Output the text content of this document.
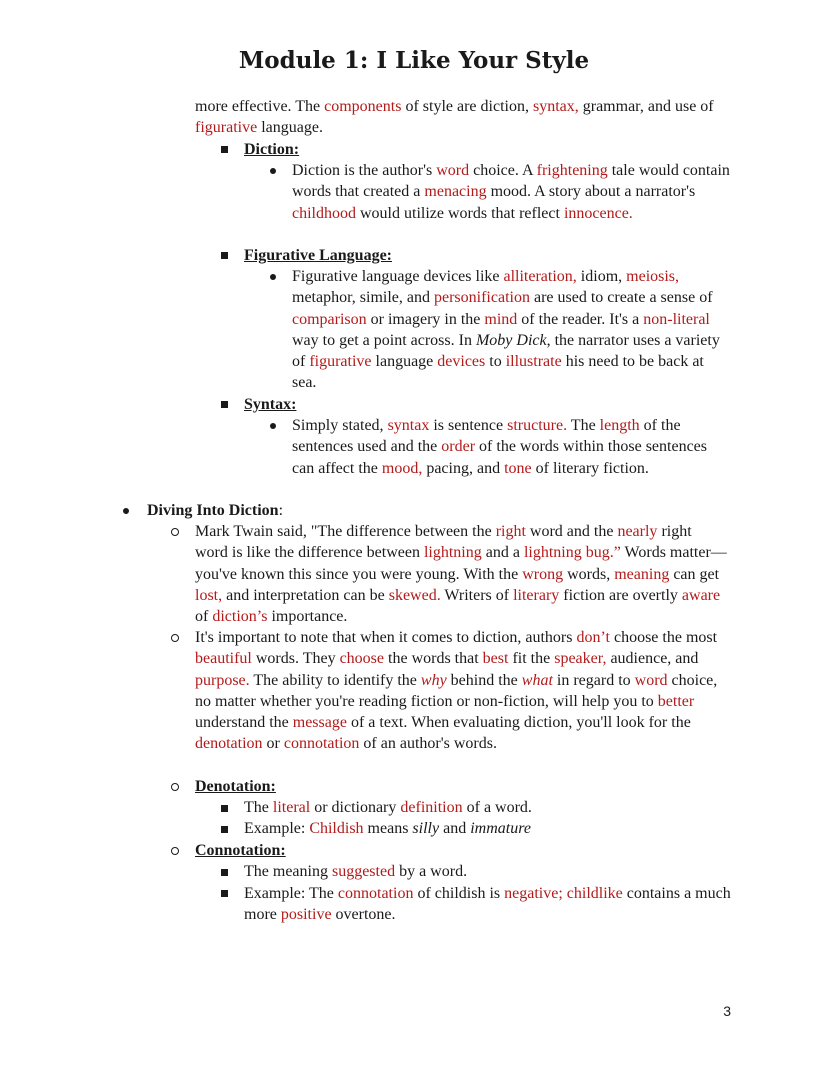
Module 1: I Like Your Style

more effective. The components of style are diction, syntax, grammar, and use of figurative language.

Diction:

Diction is the author's word choice. A frightening tale would contain words that created a menacing mood. A story about a narrator's childhood would utilize words that reflect innocence.

Figurative Language:

Figurative language devices like alliteration, idiom, meiosis, metaphor, simile, and personification are used to create a sense of comparison or imagery in the mind of the reader. It's a non-literal way to get a point across. In Moby Dick, the narrator uses a variety of figurative language devices to illustrate his need to be back at sea.

Syntax:

Simply stated, syntax is sentence structure. The length of the sentences used and the order of the words within those sentences can affect the mood, pacing, and tone of literary fiction.

Diving Into Diction:

Mark Twain said, "The difference between the right word and the nearly right word is like the difference between lightning and a lightning bug.” Words matter—you've known this since you were young. With the wrong words, meaning can get lost, and interpretation can be skewed. Writers of literary fiction are overtly aware of diction’s importance.

It's important to note that when it comes to diction, authors don’t choose the most beautiful words. They choose the words that best fit the speaker, audience, and purpose. The ability to identify the why behind the what in regard to word choice, no matter whether you're reading fiction or non-fiction, will help you to better understand the message of a text. When evaluating diction, you'll look for the denotation or connotation of an author's words.

Denotation:

The literal or dictionary definition of a word.

Example: Childish means silly and immature

Connotation:

The meaning suggested by a word.

Example: The connotation of childish is negative; childlike contains a much more positive overtone.

3
